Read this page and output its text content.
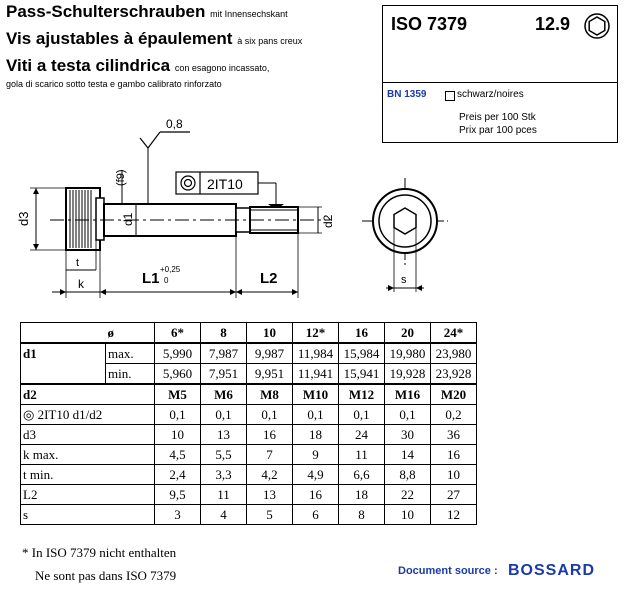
Pass-Schulterschrauben mit Innensechskant
Vis ajustables à épaulement à six pans creux
Viti a testa cilindrica con esagono incassato,
gola di scarico sotto testa e gambo calibrato rinforzato
ISO 7379	12.9
BN 1359	schwarz/noires
Preis per 100 Stk
Prix par 100 pces
0,8
(f9)	2IT10
d3	d1	d2
t
k	L1
+0,25
0	L2	s
	ø	6*	8	10	12*	16	20	24*
d1	max.	5,990	7,987	9,987	11,984	15,984	19,980	23,980
	min.	5,960	7,951	9,951	11,941	15,941	19,928	23,928
d2		M5	M6	M8	M10	M12	M16	M20
◎ 2IT10 d1/d2		0,1	0,1	0,1	0,1	0,1	0,1	0,2
d3		10	13	16	18	24	30	36
k max.		4,5	5,5	7	9	11	14	16
t min.		2,4	3,3	4,2	4,9	6,6	8,8	10
L2		9,5	11	13	16	18	22	27
s		3	4	5	6	8	10	12
* In ISO 7379 nicht enthalten
Ne sont pas dans ISO 7379	Document source : BOSSARD
